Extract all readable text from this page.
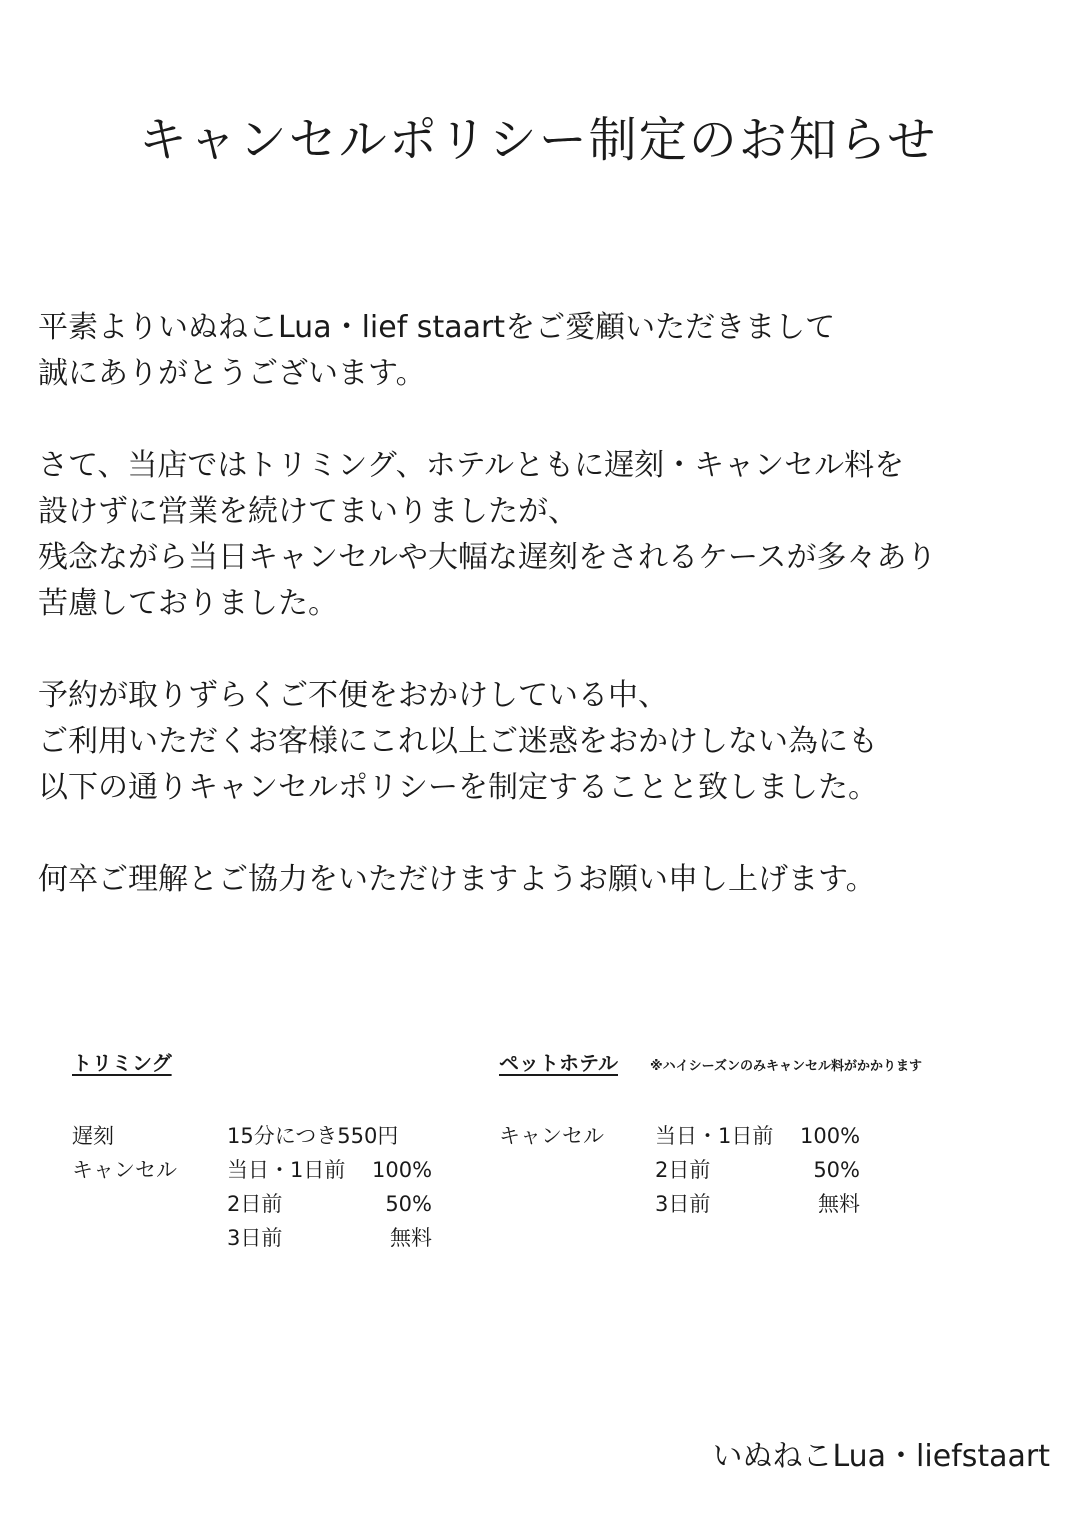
キャンセルポリシー制定のお知らせ

平素よりいぬねこLua・lief staartをご愛顧いただきまして

誠にありがとうございます。

さて、当店ではトリミング、ホテルともに遅刻・キャンセル料を

設けずに営業を続けてまいりましたが、

残念ながら当日キャンセルや大幅な遅刻をされるケースが多々あり

苦慮しておりました。

予約が取りずらくご不便をおかけしている中、

ご利用いただくお客様にこれ以上ご迷惑をおかけしない為にも

以下の通りキャンセルポリシーを制定することと致しました。

何卒ご理解とご協力をいただけますようお願い申し上げます。

トリミング
遅刻	15分につき550円
キャンセル	当日・1日前	100%
2日前	50%
3日前	無料
ペットホテル ※ハイシーズンのみキャンセル料がかかります
キャンセル	当日・1日前	100%
2日前	50%
3日前	無料
いぬねこLua・liefstaart
